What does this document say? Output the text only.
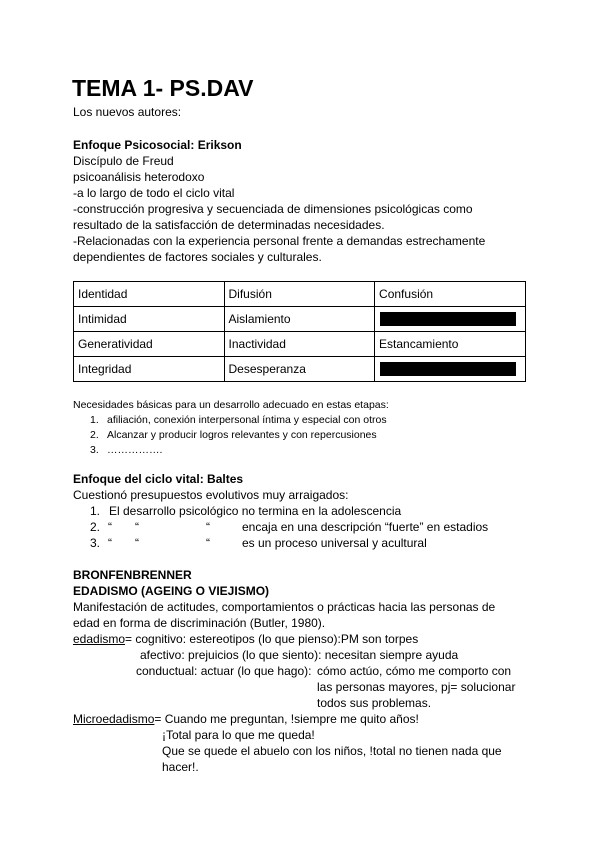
TEMA 1- PS.DAV
Los nuevos autores:
Enfoque Psicosocial: Erikson
Discípulo de Freud
psicoanálisis heterodoxo
-a lo largo de todo el ciclo vital
-construcción progresiva y secuenciada de dimensiones psicológicas como
resultado de la satisfacción de determinadas necesidades.
-Relacionadas con la experiencia personal frente a demandas estrechamente
dependientes de factores sociales y culturales.
Identidad	Difusión	Confusión
Intimidad	Aislamiento	

Generatividad	Inactividad	Estancamiento
Integridad	Desesperanza	
Necesidades básicas para un desarrollo adecuado en estas etapas:
1. afiliación, conexión interpersonal íntima y especial con otros
2. Alcanzar y producir logros relevantes y con repercusiones
3. …………….
Enfoque del ciclo vital: Baltes
Cuestionó presupuestos evolutivos muy arraigados:
1. El desarrollo psicológico no termina en la adolescencia
2. “ “	“	encaja en una descripción “fuerte” en estadios
3. “ “	“	es un proceso universal y acultural
BRONFENBRENNER
EDADISMO (AGEING O VIEJISMO)
Manifestación de actitudes, comportamientos o prácticas hacia las personas de
edad en forma de discriminación (Butler, 1980).
edadismo= cognitivo: estereotipos (lo que pienso):PM son torpes
afectivo: prejuicios (lo que siento): necesitan siempre ayuda
conductual: actuar (lo que hago): cómo actúo, cómo me comporto con
las personas mayores, pj= solucionar
todos sus problemas.
Microedadismo= Cuando me preguntan, !siempre me quito años!
¡Total para lo que me queda!
Que se quede el abuelo con los niños, !total no tienen nada que
hacer!.
